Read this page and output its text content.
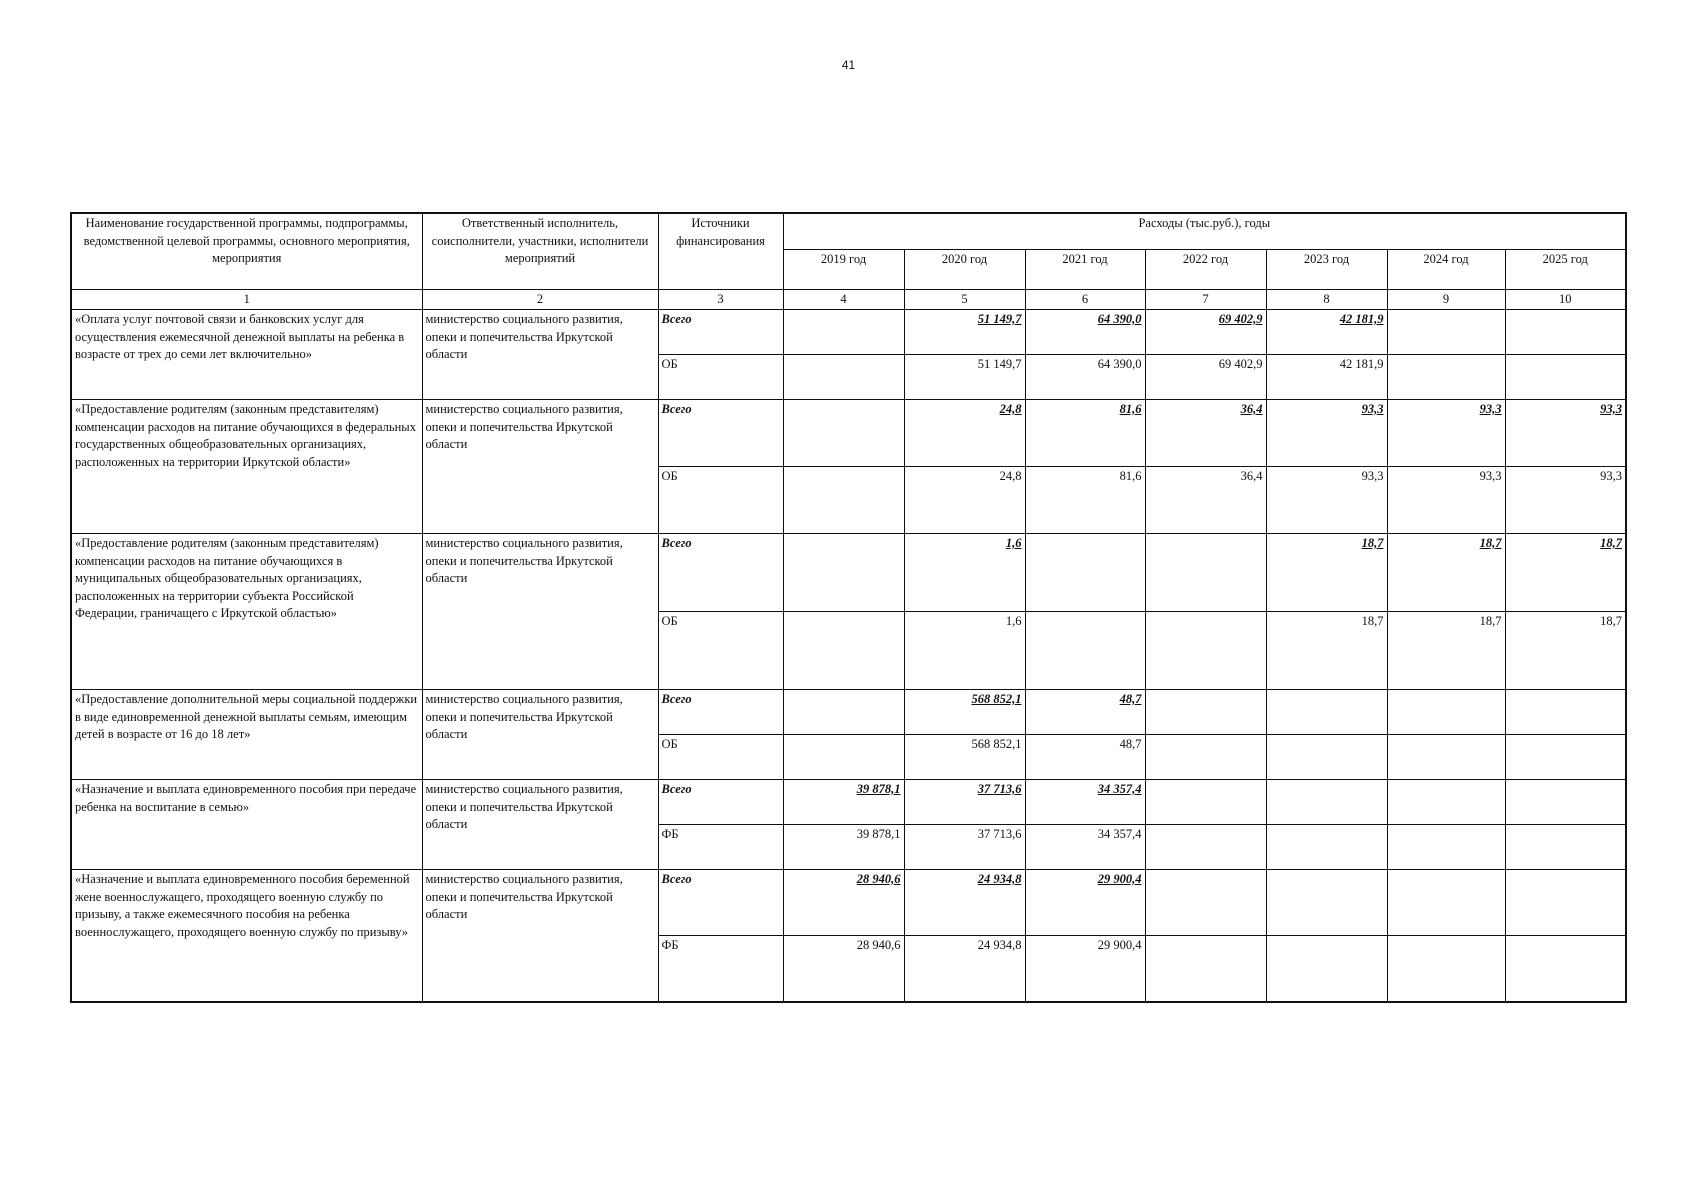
41
Наименование государственной программы, подпрограммы, ведомственной целевой программы, основного мероприятия, мероприятия	Ответственный исполнитель, соисполнители, участники, исполнители мероприятий	Источники финансирования	Расходы (тыс.руб.), годы						
			2019 год	2020 год	2021 год	2022 год	2023 год	2024 год	2025 год
1	2	3	4	5	6	7	8	9	10
«Оплата услуг почтовой связи и банковских услуг для осуществления ежемесячной денежной выплаты на ребенка в возрасте от трех до семи лет включительно»	министерство социального развития, опеки и попечительства Иркутской области	Всего		51 149,7	64 390,0	69 402,9	42 181,9		
		ОБ		51 149,7	64 390,0	69 402,9	42 181,9		
«Предоставление родителям (законным представителям) компенсации расходов на питание обучающихся в федеральных государственных общеобразовательных организациях, расположенных на территории Иркутской области»	министерство социального развития, опеки и попечительства Иркутской области	Всего		24,8	81,6	36,4	93,3	93,3	93,3
		ОБ		24,8	81,6	36,4	93,3	93,3	93,3
«Предоставление родителям (законным представителям) компенсации расходов на питание обучающихся в муниципальных общеобразовательных организациях, расположенных на территории субъекта Российской Федерации, граничащего с Иркутской областью»	министерство социального развития, опеки и попечительства Иркутской области	Всего		1,6			18,7	18,7	18,7
		ОБ		1,6			18,7	18,7	18,7
«Предоставление дополнительной меры социальной поддержки в виде единовременной денежной выплаты семьям, имеющим детей в возрасте от 16 до 18 лет»	министерство социального развития, опеки и попечительства Иркутской области	Всего		568 852,1	48,7				
		ОБ		568 852,1	48,7				
«Назначение и выплата единовременного пособия при передаче ребенка на воспитание в семью»	министерство социального развития, опеки и попечительства Иркутской области	Всего	39 878,1	37 713,6	34 357,4				
		ФБ	39 878,1	37 713,6	34 357,4				
«Назначение и выплата единовременного пособия беременной жене военнослужащего, проходящего военную службу по призыву, а также ежемесячного пособия на ребенка военнослужащего, проходящего военную службу по призыву»	министерство социального развития, опеки и попечительства Иркутской области	Всего	28 940,6	24 934,8	29 900,4				
		ФБ	28 940,6	24 934,8	29 900,4				
